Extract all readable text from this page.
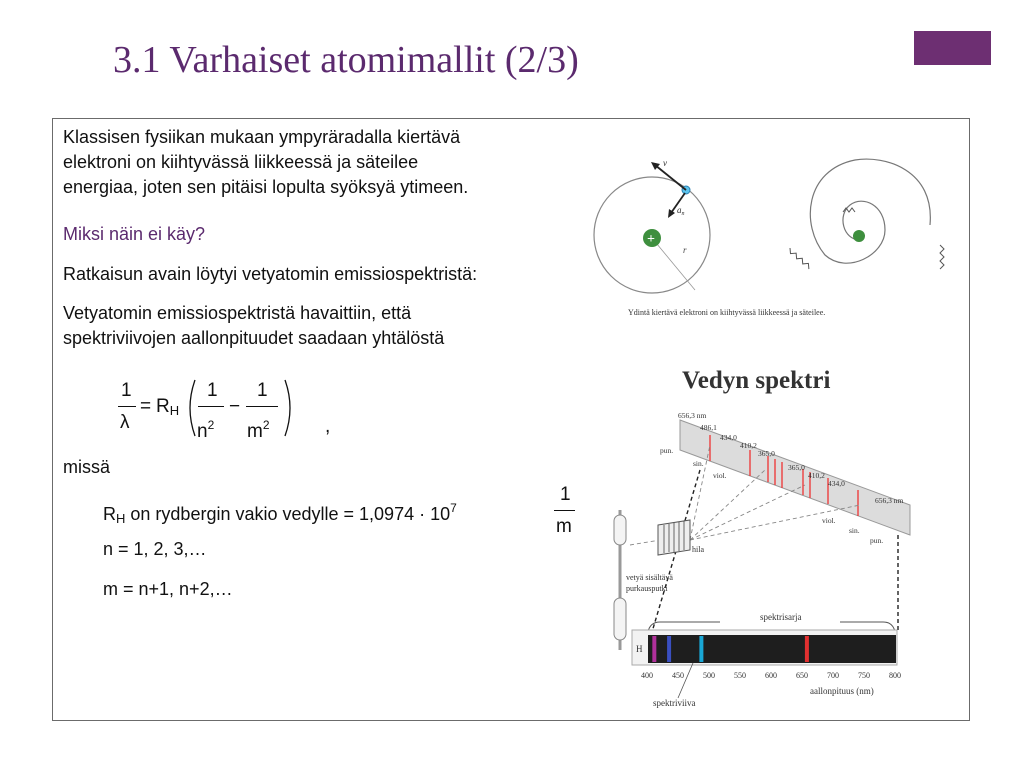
3.1 Varhaiset atomimallit (2/3)
Klassisen fysiikan mukaan ympyräradalla kiertävä
elektroni on kiihtyvässä liikkeessä ja säteilee
energiaa, joten sen pitäisi lopulta syöksyä ytimeen.
Miksi näin ei käy?
Ratkaisun avain löytyi vetyatomin emissiospektristä:
Vetyatomin emissiospektristä havaittiin, että
spektriviivojen aallonpituudet saadaan yhtälöstä
1
λ
= $R_H$
1
$n^2$
−
1
$m^2$	,
missä
$R_H$ on rydbergin vakio vedylle = $1,0974 \cdot 10^7$
1
m
n = 1, 2, 3,…
m = n+1, n+2,…
r
+
v
$a_n$
Ydintä kiertävä elektroni on kiihtyvässä liikkeessä ja säteilee.
Vedyn spektri
656,3 nm
486,1
434,0
410,2
365,0
365,0
410,2
434,0
656,3 nm
pun.
sin.
viol.
viol.
sin.
pun.
hila
vetyä sisältävä
purkausputki
spektrisarja
H
400 450 500 550 600 650 700 750 800
aallonpituus (nm)
spektriviiva
